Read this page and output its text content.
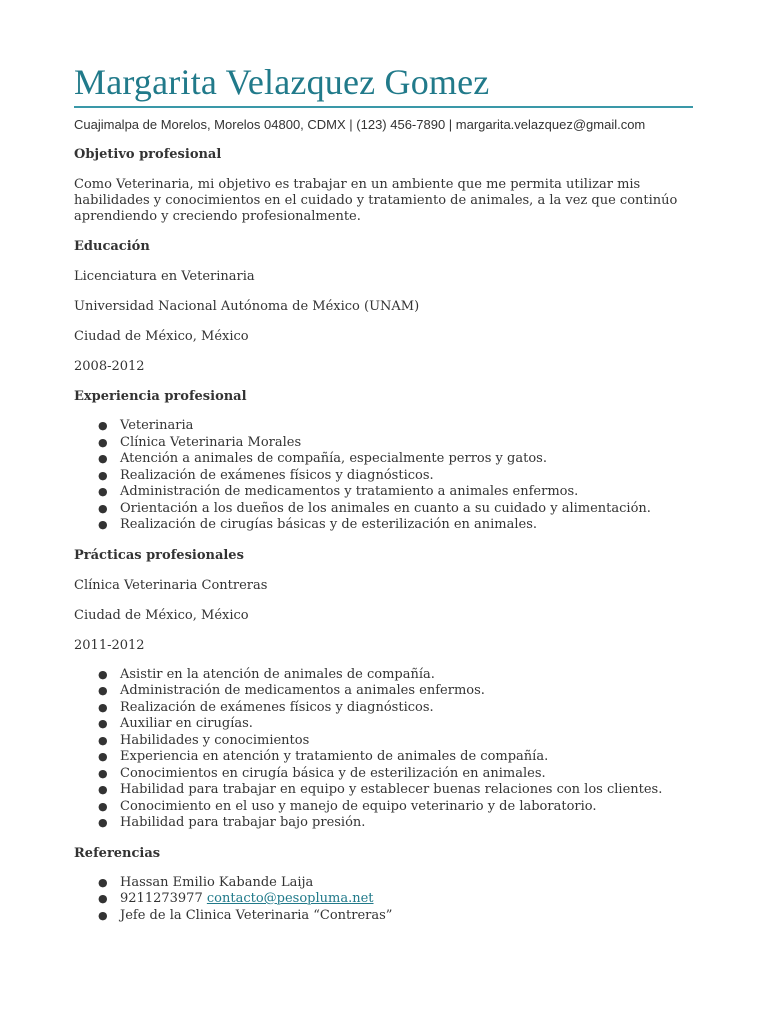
Margarita Velazquez Gomez
Cuajimalpa de Morelos, Morelos 04800, CDMX | (123) 456-7890 | margarita.velazquez@gmail.com
Objetivo profesional

Como Veterinaria, mi objetivo es trabajar en un ambiente que me permita utilizar mis habilidades y conocimientos en el cuidado y tratamiento de animales, a la vez que continúo aprendiendo y creciendo profesionalmente.

Educación

Licenciatura en Veterinaria

Universidad Nacional Autónoma de México (UNAM)

Ciudad de México, México

2008-2012

Experiencia profesional
● Veterinaria
● Clínica Veterinaria Morales
● Atención a animales de compañía, especialmente perros y gatos.
● Realización de exámenes físicos y diagnósticos.
● Administración de medicamentos y tratamiento a animales enfermos.
● Orientación a los dueños de los animales en cuanto a su cuidado y alimentación.
● Realización de cirugías básicas y de esterilización en animales.
Prácticas profesionales

Clínica Veterinaria Contreras

Ciudad de México, México

2011-2012

● Asistir en la atención de animales de compañía.
● Administración de medicamentos a animales enfermos.
● Realización de exámenes físicos y diagnósticos.
● Auxiliar en cirugías.
● Habilidades y conocimientos
● Experiencia en atención y tratamiento de animales de compañía.
● Conocimientos en cirugía básica y de esterilización en animales.
● Habilidad para trabajar en equipo y establecer buenas relaciones con los clientes.
● Conocimiento en el uso y manejo de equipo veterinario y de laboratorio.
● Habilidad para trabajar bajo presión.
Referencias
● Hassan Emilio Kabande Laija
● 9211273977 contacto@pesopluma.net
● Jefe de la Clinica Veterinaria “Contreras”
